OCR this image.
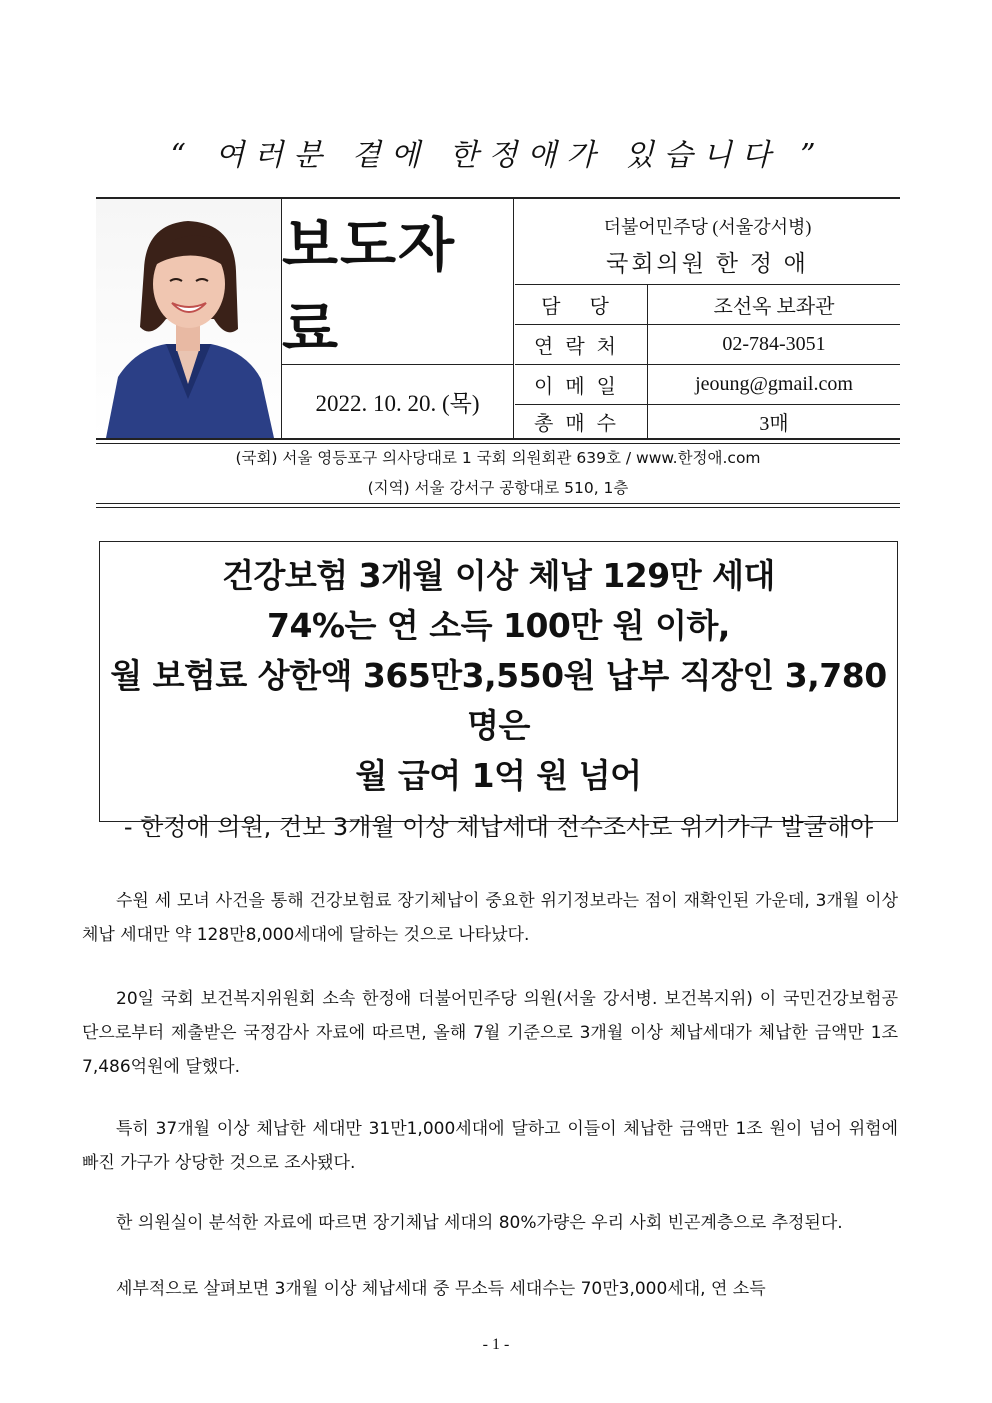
“ 여러분 곁에 한정애가 있습니다 ”
보도자료
2022. 10. 20. (목)
더불어민주당 (서울강서병)
국회의원 한 정 애
담 당	조선옥 보좌관
연락처	02-784-3051
이메일	jeoung@gmail.com
총매수	3매
(국회) 서울 영등포구 의사당대로 1 국회 의원회관 639호 / www.한정애.com
(지역) 서울 강서구 공항대로 510, 1층
건강보험 3개월 이상 체납 129만 세대
74%는 연 소득 100만 원 이하,
월 보험료 상한액 365만3,550원 납부 직장인 3,780명은
월 급여 1억 원 넘어
- 한정애 의원, 건보 3개월 이상 체납세대 전수조사로 위기가구 발굴해야
수원 세 모녀 사건을 통해 건강보험료 장기체납이 중요한 위기정보라는 점이 재확인된 가운데, 3개월 이상 체납 세대만 약 128만8,000세대에 달하는 것으로 나타났다.
20일 국회 보건복지위원회 소속 한정애 더불어민주당 의원(서울 강서병. 보건복지위) 이 국민건강보험공단으로부터 제출받은 국정감사 자료에 따르면, 올해 7월 기준으로 3개월 이상 체납세대가 체납한 금액만 1조7,486억원에 달했다.
특히 37개월 이상 체납한 세대만 31만1,000세대에 달하고 이들이 체납한 금액만 1조 원이 넘어 위험에 빠진 가구가 상당한 것으로 조사됐다.
한 의원실이 분석한 자료에 따르면 장기체납 세대의 80%가량은 우리 사회 빈곤계층으로 추정된다.
세부적으로 살펴보면 3개월 이상 체납세대 중 무소득 세대수는 70만3,000세대, 연 소득
- 1 -
